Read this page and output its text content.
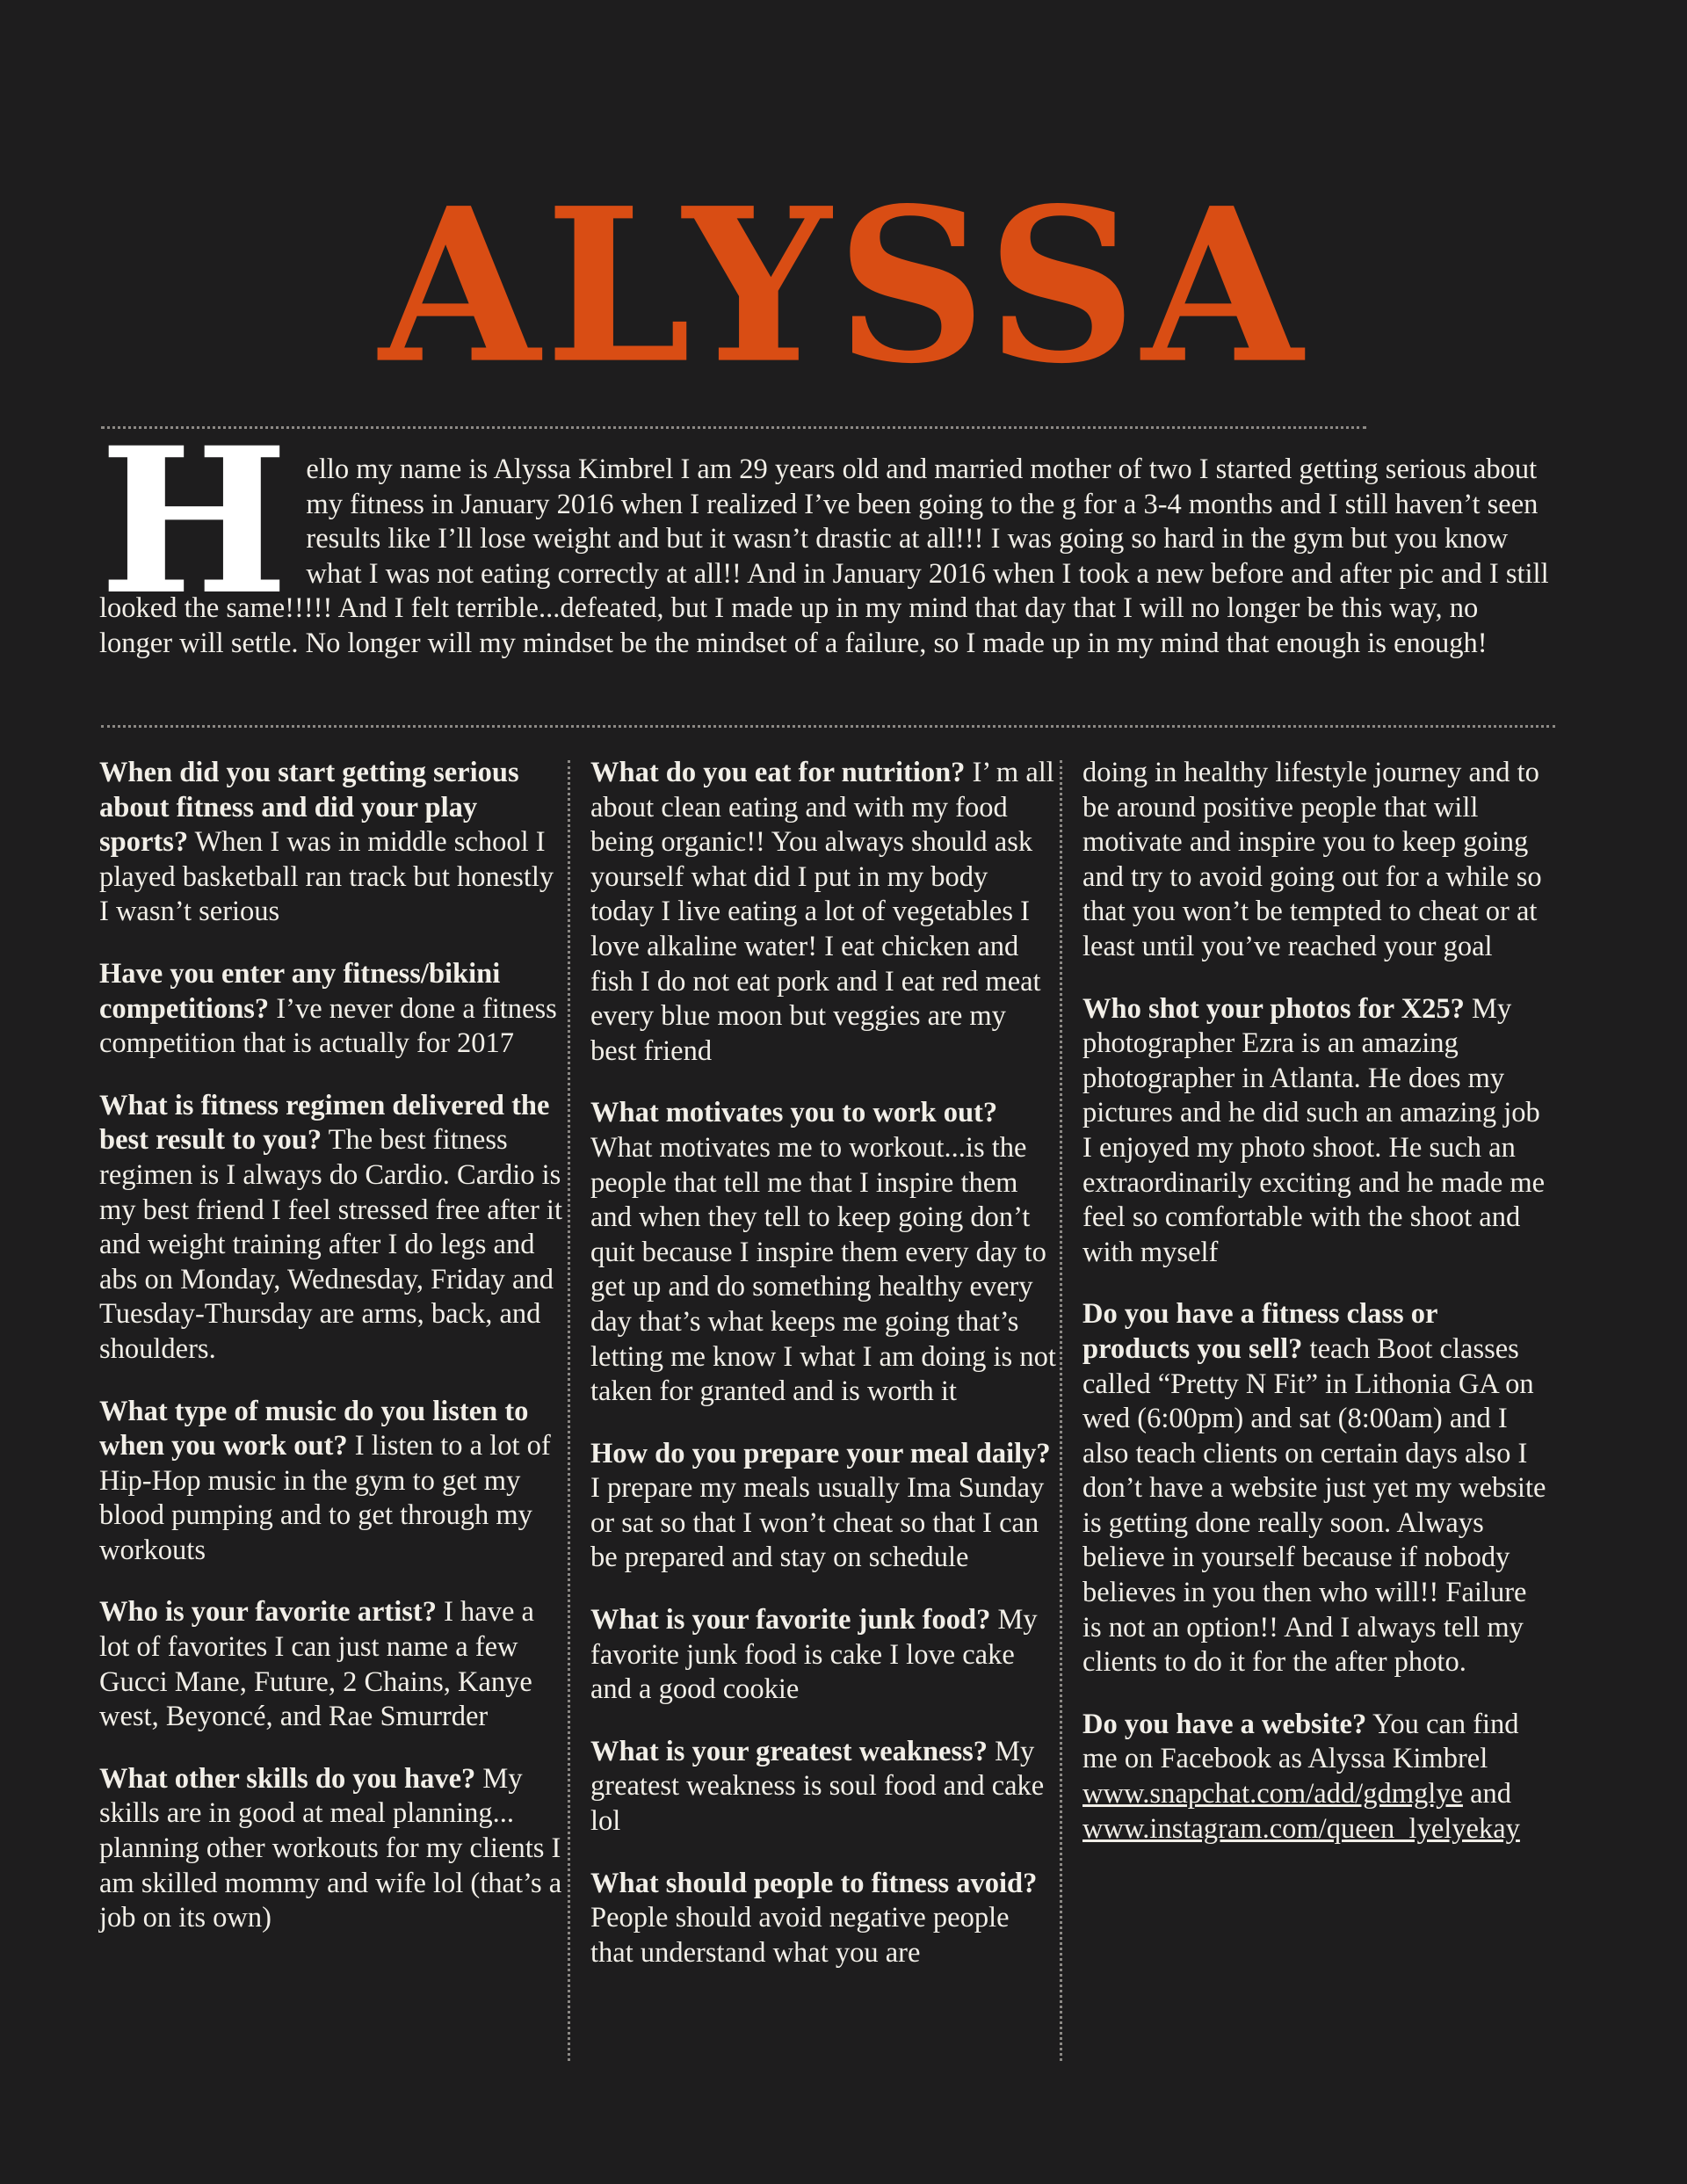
ALYSSA
Hello my name is Alyssa Kimbrel I am 29 years old and married mother of two I started getting serious about my fitness in January 2016 when I realized I’ve been going to the g for a 3-4 months and I still haven’t seen results like I’ll lose weight and but it wasn’t drastic at all!!! I was going so hard in the gym but you know what I was not eating correctly at all!! And in January 2016 when I took a new before and after pic and I still looked the same!!!!! And I felt terrible...defeated, but I made up in my mind that day that I will no longer be this way, no longer will settle. No longer will my mindset be the mindset of a failure, so I made up in my mind that enough is enough!

When did you start getting serious about fitness and did your play sports? When I was in middle school I played basketball ran track but honestly I wasn’t serious

Have you enter any fitness/bikini competitions? I’ve never done a fitness competition that is actually for 2017

What is fitness regimen delivered the best result to you? The best fitness regimen is I always do Cardio. Cardio is my best friend I feel stressed free after it and weight training after I do legs and abs on Monday, Wednesday, Friday and Tuesday-Thursday are arms, back, and shoulders.

What type of music do you listen to when you work out? I listen to a lot of Hip-Hop music in the gym to get my blood pumping and to get through my workouts

Who is your favorite artist? I have a lot of favorites I can just name a few Gucci Mane, Future, 2 Chains, Kanye west, Beyoncé, and Rae Smurrder

What other skills do you have? My skills are in good at meal planning... planning other workouts for my clients I am skilled mommy and wife lol (that’s a job on its own)

What do you eat for nutrition? I’ m all about clean eating and with my food being organic!! You always should ask yourself what did I put in my body today I live eating a lot of vegetables I love alkaline water! I eat chicken and fish I do not eat pork and I eat red meat every blue moon but veggies are my best friend

What motivates you to work out? What motivates me to workout...is the people that tell me that I inspire them and when they tell to keep going don’t quit because I inspire them every day to get up and do something healthy every day that’s what keeps me going that’s letting me know I what I am doing is not taken for granted and is worth it

How do you prepare your meal daily? I prepare my meals usually Ima Sunday or sat so that I won’t cheat so that I can be prepared and stay on schedule

What is your favorite junk food? My favorite junk food is cake I love cake and a good cookie

What is your greatest weakness? My greatest weakness is soul food and cake lol

What should people to fitness avoid? People should avoid negative people that understand what you are

doing in healthy lifestyle journey and to be around positive people that will motivate and inspire you to keep going and try to avoid going out for a while so that you won’t be tempted to cheat or at least until you’ve reached your goal

Who shot your photos for X25? My photographer Ezra is an amazing photographer in Atlanta. He does my pictures and he did such an amazing job I enjoyed my photo shoot. He such an extraordinarily exciting and he made me feel so comfortable with the shoot and with myself

Do you have a fitness class or products you sell? teach Boot classes called “Pretty N Fit” in Lithonia GA on wed (6:00pm) and sat (8:00am) and I also teach clients on certain days also I don’t have a website just yet my website is getting done really soon. Always believe in yourself because if nobody believes in you then who will!! Failure is not an option!! And I always tell my clients to do it for the after photo.

Do you have a website? You can find me on Facebook as Alyssa Kimbrel www.snapchat.com/add/gdmglye and www.instagram.com/queen_lyelyekay
